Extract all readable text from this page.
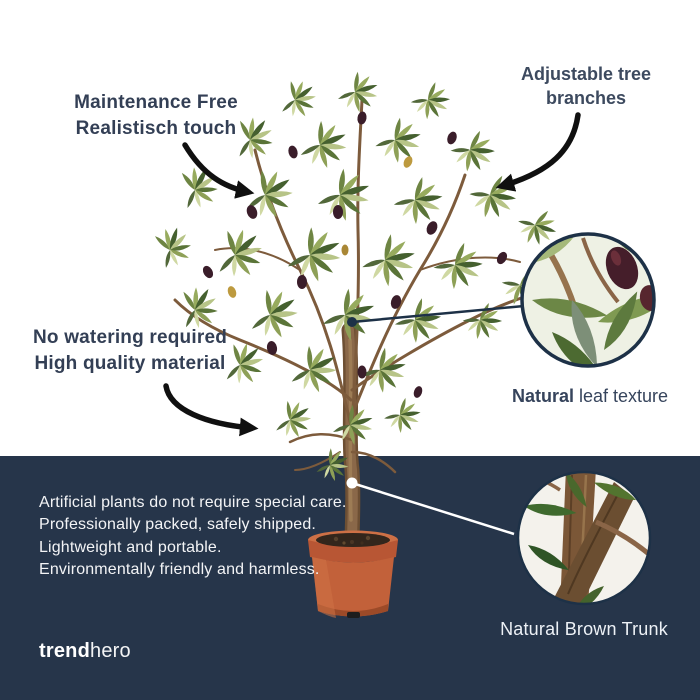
Maintenance Free
Realistisch touch
Adjustable tree branches
No watering required
High quality material
Natural leaf texture
Artificial plants do not require special care.
Professionally packed, safely shipped.
Lightweight and portable.
Environmentally friendly and harmless.
Natural Brown Trunk
trendhero
